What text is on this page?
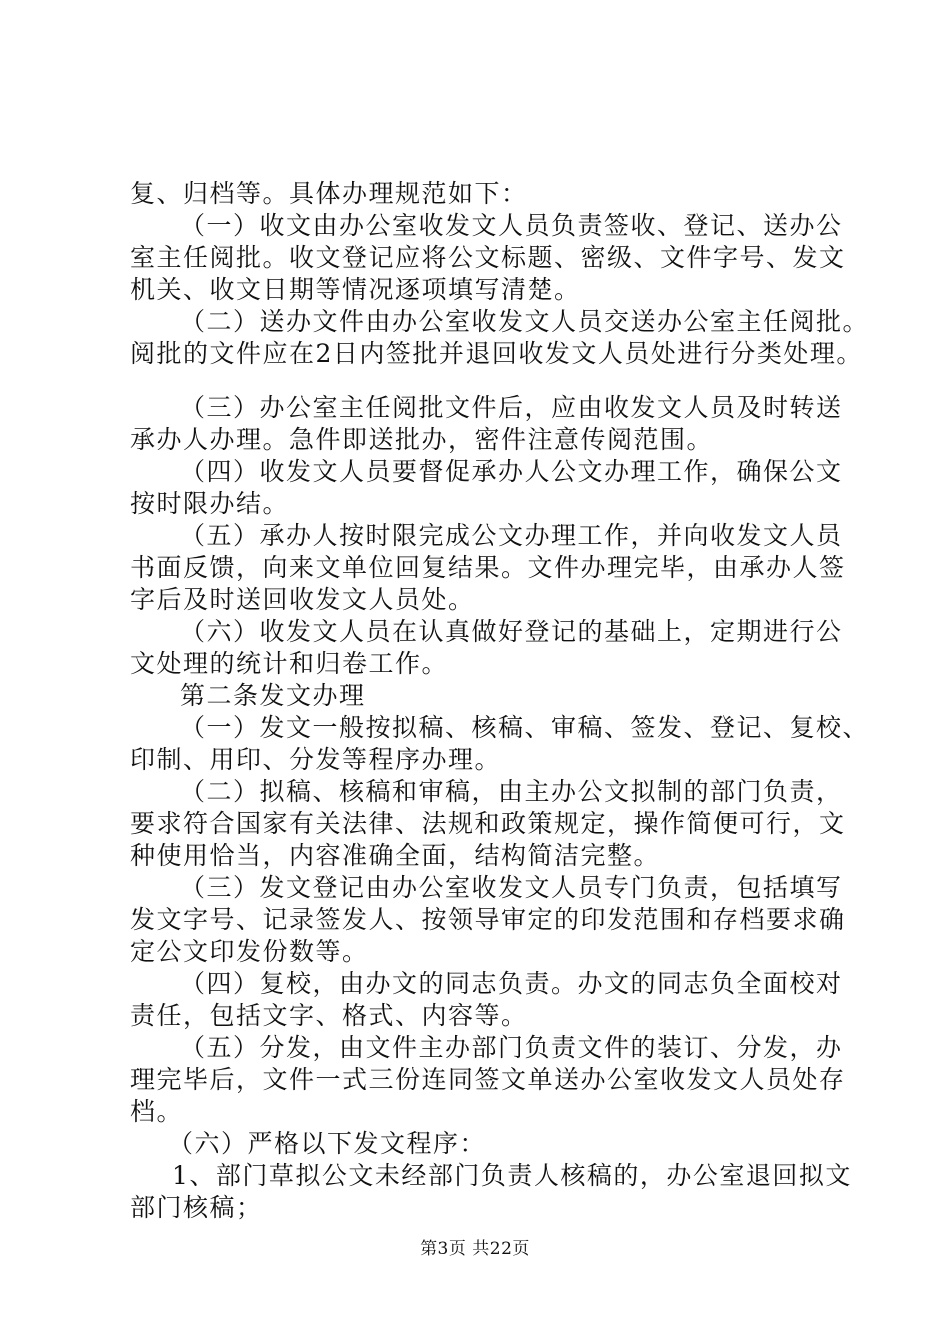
复、归档等。具体办理规范如下：
（一）收文由办公室收发文人员负责签收、登记、送办公
室主任阅批。收文登记应将公文标题、密级、文件字号、发文
机关、收文日期等情况逐项填写清楚。
（二）送办文件由办公室收发文人员交送办公室主任阅批。
阅批的文件应在2日内签批并退回收发文人员处进行分类处理。
（三）办公室主任阅批文件后，应由收发文人员及时转送
承办人办理。急件即送批办，密件注意传阅范围。
（四）收发文人员要督促承办人公文办理工作，确保公文
按时限办结。
（五）承办人按时限完成公文办理工作，并向收发文人员
书面反馈，向来文单位回复结果。文件办理完毕，由承办人签
字后及时送回收发文人员处。
（六）收发文人员在认真做好登记的基础上，定期进行公
文处理的统计和归卷工作。
第二条发文办理
（一）发文一般按拟稿、核稿、审稿、签发、登记、复校、
印制、用印、分发等程序办理。
（二）拟稿、核稿和审稿，由主办公文拟制的部门负责，
要求符合国家有关法律、法规和政策规定，操作简便可行，文
种使用恰当，内容准确全面，结构简洁完整。
（三）发文登记由办公室收发文人员专门负责，包括填写
发文字号、记录签发人、按领导审定的印发范围和存档要求确
定公文印发份数等。
（四）复校，由办文的同志负责。办文的同志负全面校对
责任，包括文字、格式、内容等。
（五）分发，由文件主办部门负责文件的装订、分发，办
理完毕后，文件一式三份连同签文单送办公室收发文人员处存
档。
（六）严格以下发文程序：
1、部门草拟公文未经部门负责人核稿的，办公室退回拟文
部门核稿；
第3页 共22页
